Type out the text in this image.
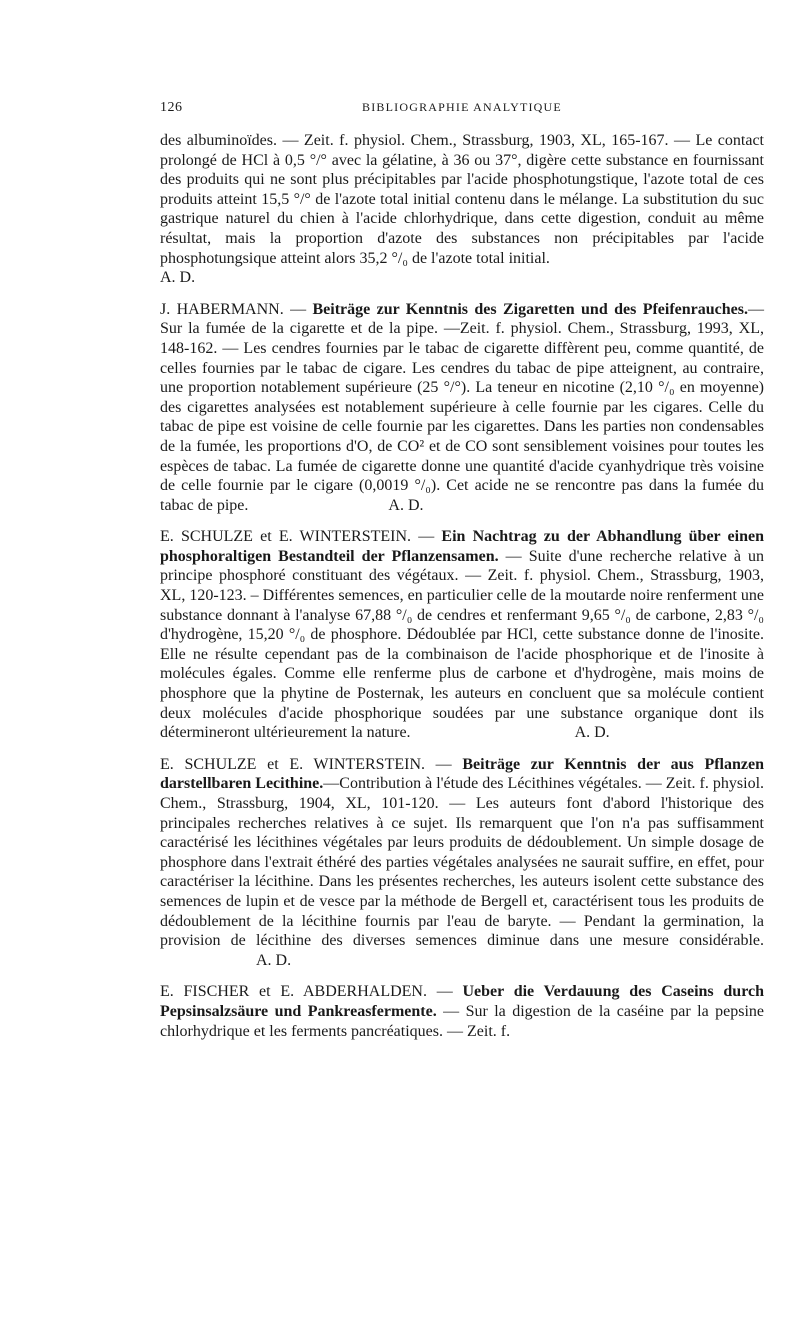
126	BIBLIOGRAPHIE ANALYTIQUE

des albuminoïdes. — Zeit. f. physiol. Chem., Strassburg, 1903, XL, 165-167. — Le contact prolongé de HCl à 0,5 °/° avec la gélatine, à 36 ou 37°, digère cette substance en fournissant des produits qui ne sont plus précipitables par l'acide phosphotungstique, l'azote total de ces produits atteint 15,5 °/° de l'azote total initial contenu dans le mélange. La substitution du suc gastrique naturel du chien à l'acide chlorhydrique, dans cette digestion, conduit au même résultat, mais la proportion d'azote des substances non précipitables par l'acide phosphotungsique atteint alors 35,2 °/₀ de l'azote total initial.

A. D.

J. HABERMANN. — Beiträge zur Kenntnis des Zigaretten und des Pfeifenrauches.— Sur la fumée de la cigarette et de la pipe. —Zeit. f. physiol. Chem., Strassburg, 1993, XL, 148-162. — Les cendres fournies par le tabac de cigarette diffèrent peu, comme quantité, de celles fournies par le tabac de cigare. Les cendres du tabac de pipe atteignent, au contraire, une proportion notablement supérieure (25 °/°). La teneur en nicotine (2,10 °/₀ en moyenne) des cigarettes analysées est notablement supérieure à celle fournie par les cigares. Celle du tabac de pipe est voisine de celle fournie par les cigarettes. Dans les parties non condensables de la fumée, les proportions d'O, de CO² et de CO sont sensiblement voisines pour toutes les espèces de tabac. La fumée de cigarette donne une quantité d'acide cyanhydrique très voisine de celle fournie par le cigare (0,0019 °/₀). Cet acide ne se rencontre pas dans la fumée du tabac de pipe.	A. D.

E. SCHULZE et E. WINTERSTEIN. — Ein Nachtrag zu der Abhandlung über einen phosphoraltigen Bestandteil der Pflanzensamen. — Suite d'une recherche relative à un principe phosphoré constituant des végétaux. — Zeit. f. physiol. Chem., Strassburg, 1903, XL, 120-123. – Différentes semences, en particulier celle de la moutarde noire renferment une substance donnant à l'analyse 67,88 °/₀ de cendres et renfermant 9,65 °/₀ de carbone, 2,83 °/₀ d'hydrogène, 15,20 °/₀ de phosphore. Dédoublée par HCl, cette substance donne de l'inosite. Elle ne résulte cependant pas de la combinaison de l'acide phosphorique et de l'inosite à molécules égales. Comme elle renferme plus de carbone et d'hydrogène, mais moins de phosphore que la phytine de Posternak, les auteurs en concluent que sa molécule contient deux molécules d'acide phosphorique soudées par une substance organique dont ils détermineront ultérieurement la nature.	A. D.

E. SCHULZE et E. WINTERSTEIN. — Beiträge zur Kenntnis der aus Pflanzen darstellbaren Lecithine.—Contribution à l'étude des Lécithines végétales. — Zeit. f. physiol. Chem., Strassburg, 1904, XL, 101-120. — Les auteurs font d'abord l'historique des principales recherches relatives à ce sujet. Ils remarquent que l'on n'a pas suffisamment caractérisé les lécithines végétales par leurs produits de dédoublement. Un simple dosage de phosphore dans l'extrait éthéré des parties végétales analysées ne saurait suffire, en effet, pour caractériser la lécithine. Dans les présentes recherches, les auteurs isolent cette substance des semences de lupin et de vesce par la méthode de Bergell et, caractérisent tous les produits de dédoublement de la lécithine fournis par l'eau de baryte. — Pendant la germination, la provision de lécithine des diverses semences diminue dans une mesure considérable.                         A. D.

E. FISCHER et E. ABDERHALDEN. — Ueber die Verdauung des Caseins durch Pepsinsalzsäure und Pankreasfermente. — Sur la digestion de la caséine par la pepsine chlorhydrique et les ferments pancréatiques. — Zeit. f.
